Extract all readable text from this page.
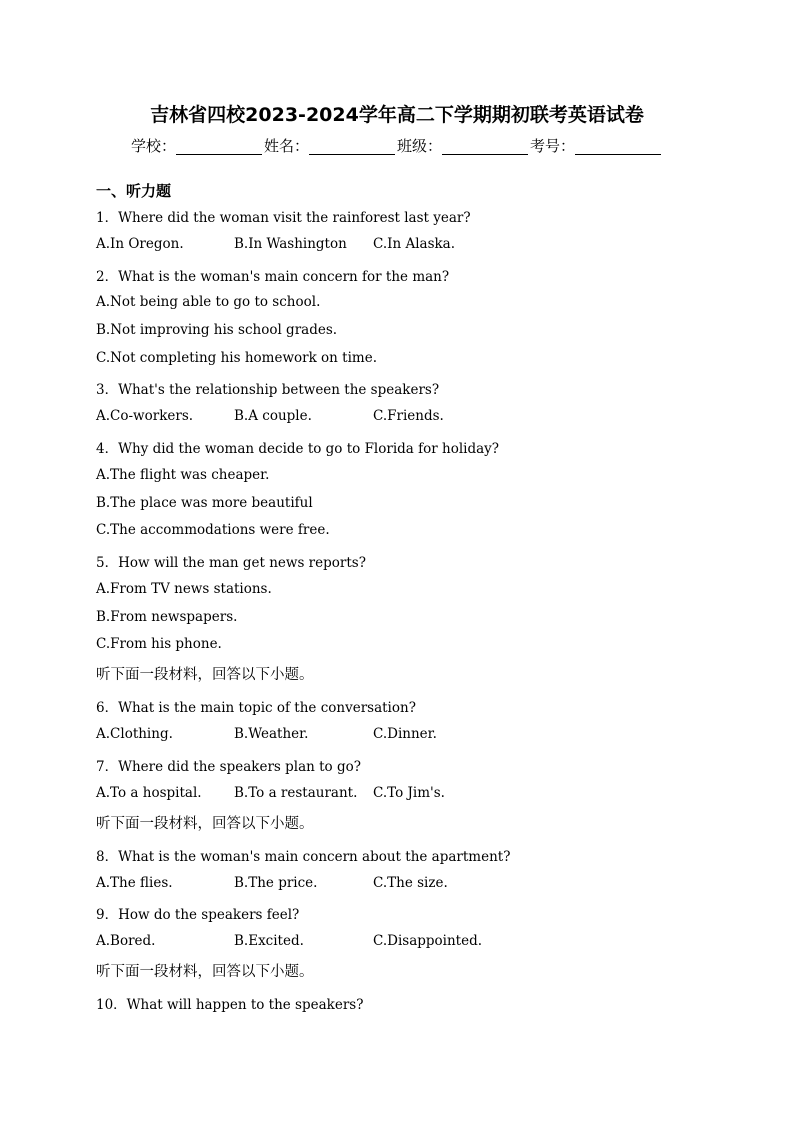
吉林省四校2023-2024学年高二下学期期初联考英语试卷
学校：	姓名：	班级：	考号：
一、听力题
1．Where did the woman visit the rainforest last year?
A.In Oregon.	B.In Washington C.In Alaska.
2．What is the woman's main concern for the man?
A.Not being able to go to school.
B.Not improving his school grades.
C.Not completing his homework on time.
3．What's the relationship between the speakers?
A.Co-workers.	B.A couple.	C.Friends.
4．Why did the woman decide to go to Florida for holiday?
A.The flight was cheaper.
B.The place was more beautiful
C.The accommodations were free.
5．How will the man get news reports?
A.From TV news stations.
B.From newspapers.
C.From his phone.
听下面一段材料，回答以下小题。
6．What is the main topic of the conversation?
A.Clothing.	B.Weather.	C.Dinner.
7．Where did the speakers plan to go?
A.To a hospital. B.To a restaurant. C.To Jim's.
听下面一段材料，回答以下小题。
8．What is the woman's main concern about the apartment?
A.The flies.	B.The price.	C.The size.
9．How do the speakers feel?
A.Bored.	B.Excited.	C.Disappointed.
听下面一段材料，回答以下小题。
10．What will happen to the speakers?
